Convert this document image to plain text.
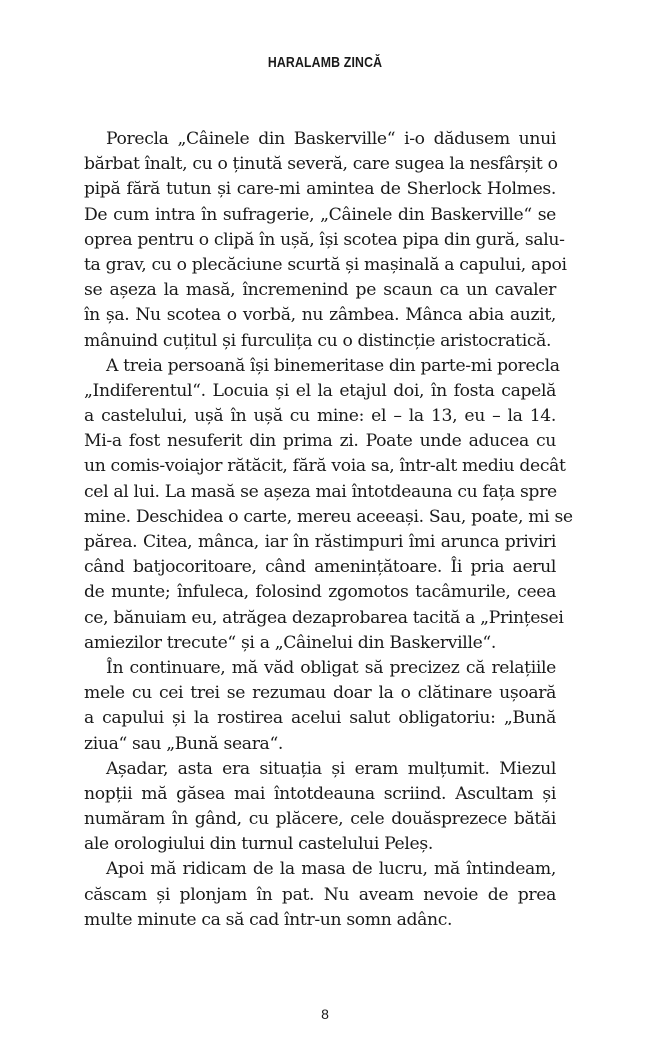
HARALAMB ZINCĂ
Porecla „Câinele din Baskerville“ i-o dădusem unui
bărbat înalt, cu o ținută severă, care sugea la nesfârșit o
pipă fără tutun și care-mi amintea de Sherlock Holmes.
De cum intra în sufragerie, „Câinele din Baskerville“ se
oprea pentru o clipă în ușă, își scotea pipa din gură, salu-
ta grav, cu o plecăciune scurtă și mașinală a capului, apoi
se așeza la masă, încremenind pe scaun ca un cavaler
în șa. Nu scotea o vorbă, nu zâmbea. Mânca abia auzit,
mânuind cuțitul și furculița cu o distincție aristocratică.
A treia persoană își binemeritase din parte-mi porecla
„Indiferentul“. Locuia și el la etajul doi, în fosta capelă
a castelului, ușă în ușă cu mine: el – la 13, eu – la 14.
Mi-a fost nesuferit din prima zi. Poate unde aducea cu
un comis-voiajor rătăcit, fără voia sa, într-alt mediu decât
cel al lui. La masă se așeza mai întotdeauna cu fața spre
mine. Deschidea o carte, mereu aceeași. Sau, poate, mi se
părea. Citea, mânca, iar în răstimpuri îmi arunca priviri
când batjocoritoare, când amenințătoare. Îi pria aerul
de munte; înfuleca, folosind zgomotos tacâmurile, ceea
ce, bănuiam eu, atrăgea dezaprobarea tacită a „Prințesei
amiezilor trecute“ și a „Câinelui din Baskerville“.
În continuare, mă văd obligat să precizez că relațiile
mele cu cei trei se rezumau doar la o clătinare ușoară
a capului și la rostirea acelui salut obligatoriu: „Bună
ziua“ sau „Bună seara“.
Așadar, asta era situația și eram mulțumit. Miezul
nopții mă găsea mai întotdeauna scriind. Ascultam și
număram în gând, cu plăcere, cele douăsprezece bătăi
ale orologiului din turnul castelului Peleș.
Apoi mă ridicam de la masa de lucru, mă întindeam,
căscam și plonjam în pat. Nu aveam nevoie de prea
multe minute ca să cad într-un somn adânc.
8
